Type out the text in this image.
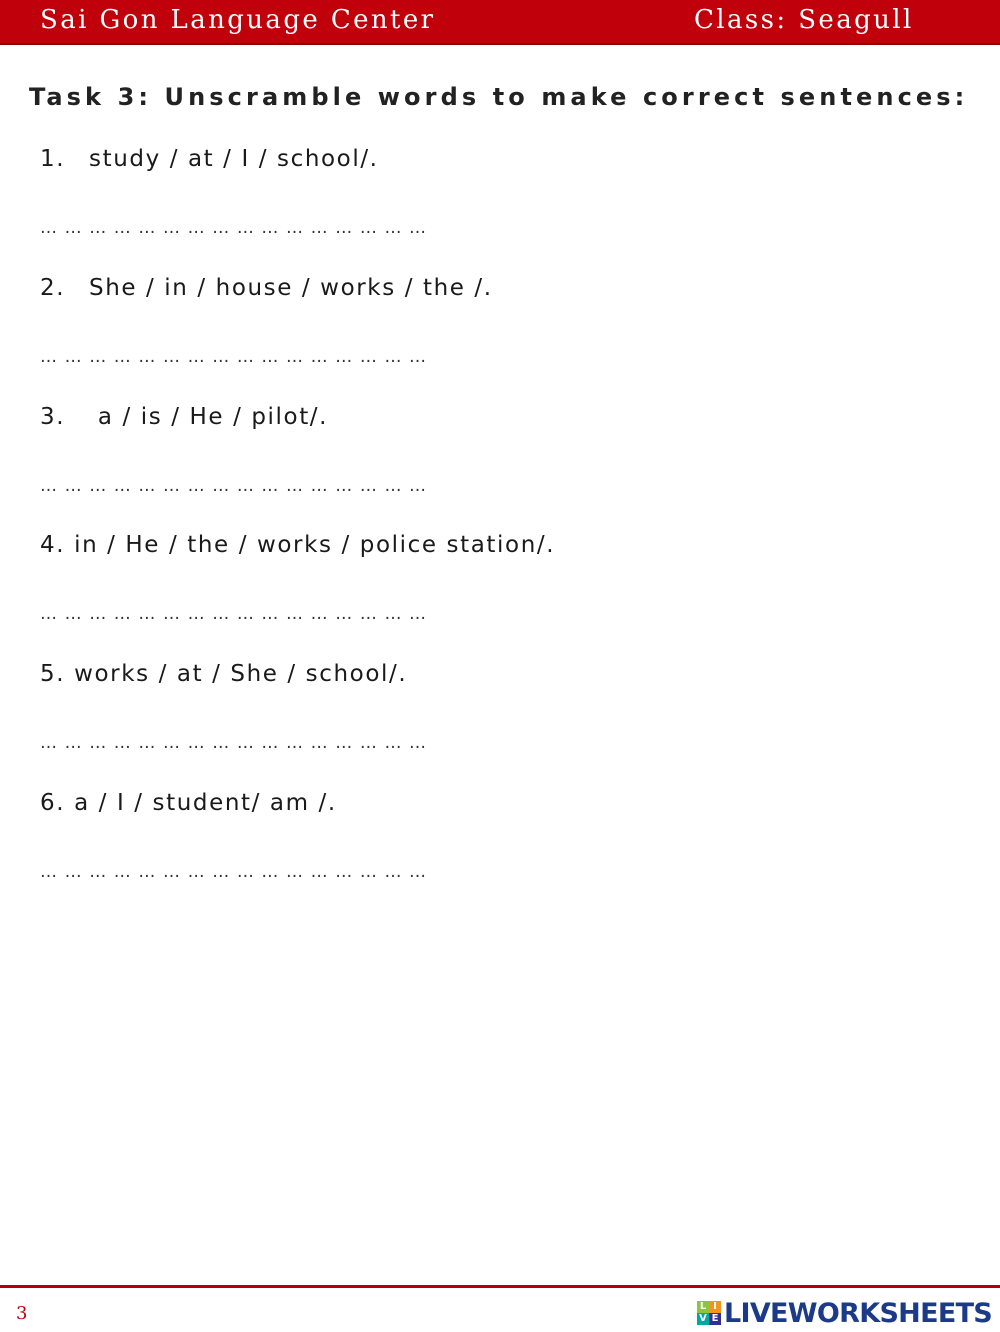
Sai Gon Language Center	Class: Seagull
Task 3: Unscramble words to make correct sentences:
1. study / at / I / school/.
… … … … … … … … … … … … … … … …
2. She / in / house / works / the /.
… … … … … … … … … … … … … … … …
3. a / is / He / pilot/.
… … … … … … … … … … … … … … … …
4. in / He / the / works / police station/.
… … … … … … … … … … … … … … … …
5. works / at / She / school/.
… … … … … … … … … … … … … … … …
6. a / I / student/ am /.
… … … … … … … … … … … … … … … …
3	L I
V E LIVEWORKSHEETS
